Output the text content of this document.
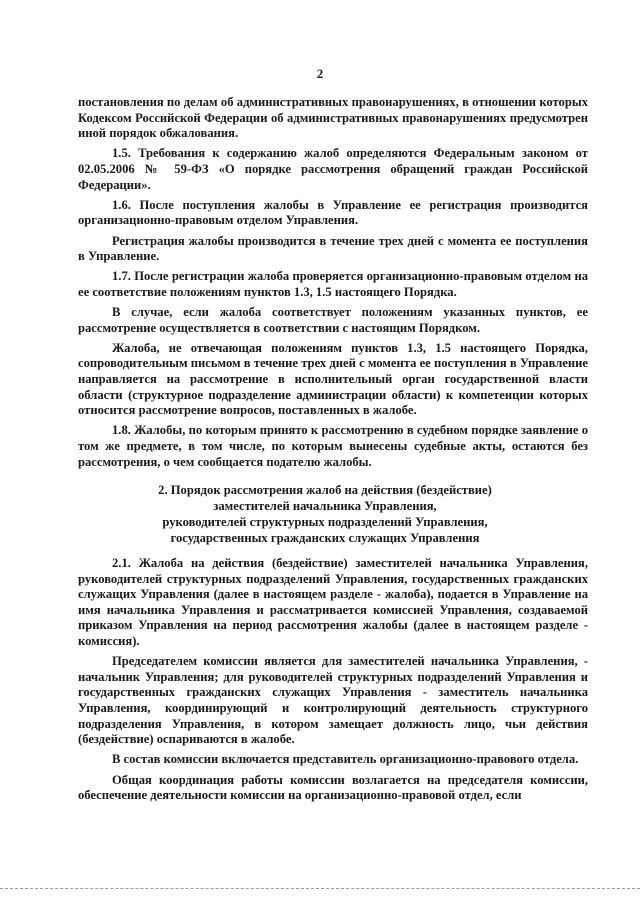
2

постановления по делам об административных правонарушениях, в отношении которых Кодексом Российской Федерации об административных правонарушениях предусмотрен иной порядок обжалования.

1.5. Требования к содержанию жалоб определяются Федеральным законом от 02.05.2006 № 59-ФЗ «О порядке рассмотрения обращений граждан Российской Федерации».

1.6. После поступления жалобы в Управление ее регистрация производится организационно-правовым отделом Управления.

Регистрация жалобы производится в течение трех дней с момента ее поступления в Управление.

1.7. После регистрации жалоба проверяется организационно-правовым отделом на ее соответствие положениям пунктов 1.3, 1.5 настоящего Порядка.

В случае, если жалоба соответствует положениям указанных пунктов, ее рассмотрение осуществляется в соответствии с настоящим Порядком.

Жалоба, не отвечающая положениям пунктов 1.3, 1.5 настоящего Порядка, сопроводительным письмом в течение трех дней с момента ее поступления в Управление направляется на рассмотрение в исполнительный орган государственной власти области (структурное подразделение администрации области) к компетенции которых относится рассмотрение вопросов, поставленных в жалобе.

1.8. Жалобы, по которым принято к рассмотрению в судебном порядке заявление о том же предмете, в том числе, по которым вынесены судебные акты, остаются без рассмотрения, о чем сообщается подателю жалобы.

2. Порядок рассмотрения жалоб на действия (бездействие)
заместителей начальника Управления,
руководителей структурных подразделений Управления,
государственных гражданских служащих Управления

2.1. Жалоба на действия (бездействие) заместителей начальника Управления, руководителей структурных подразделений Управления, государственных гражданских служащих Управления (далее в настоящем разделе - жалоба), подается в Управление на имя начальника Управления и рассматривается комиссией Управления, создаваемой приказом Управления на период рассмотрения жалобы (далее в настоящем разделе - комиссия).

Председателем комиссии является для заместителей начальника Управления, - начальник Управления; для руководителей структурных подразделений Управления и государственных гражданских служащих Управления - заместитель начальника Управления, координирующий и контролирующий деятельность структурного подразделения Управления, в котором замещает должность лицо, чьи действия (бездействие) оспариваются в жалобе.

В состав комиссии включается представитель организационно-правового отдела.

Общая координация работы комиссии возлагается на председателя комиссии, обеспечение деятельности комиссии на организационно-правовой отдел, если
